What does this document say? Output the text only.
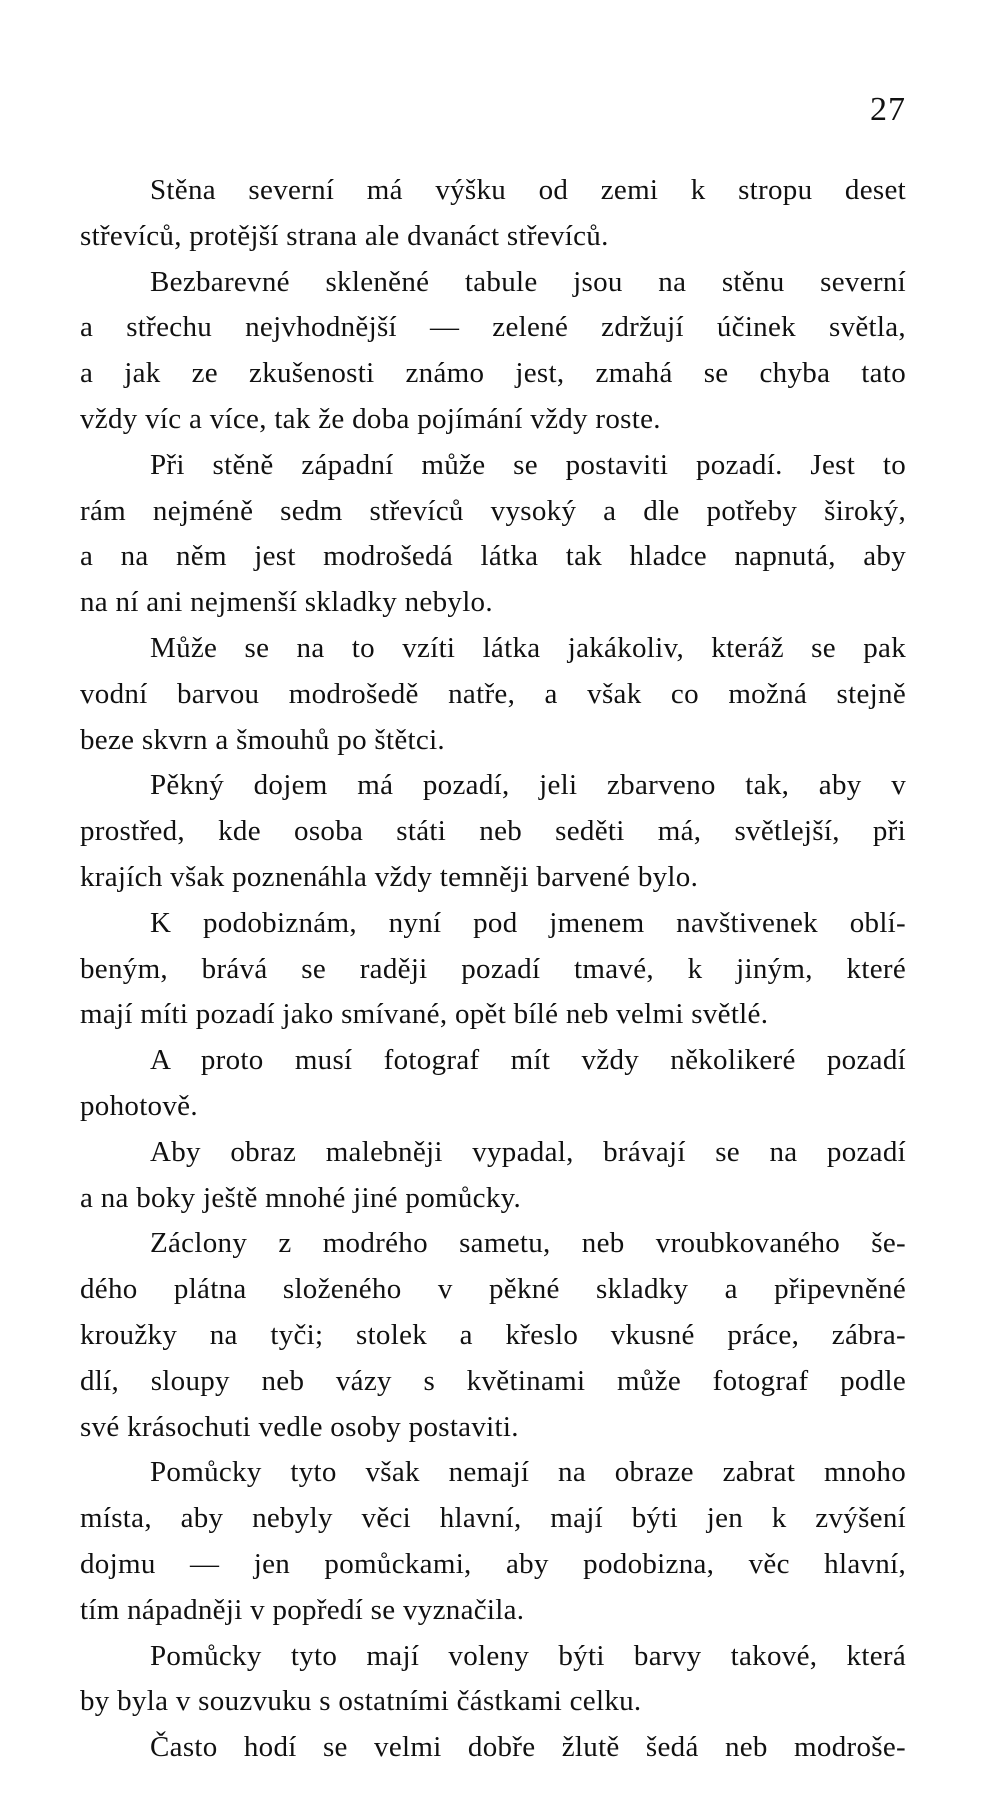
27
Stěna severní má výšku od zemi k stropu deset
střevíců, protější strana ale dvanáct střevíců.
Bezbarevné skleněné tabule jsou na stěnu severní
a střechu nejvhodnější — zelené zdržují účinek světla,
a jak ze zkušenosti známo jest, zmahá se chyba tato
vždy víc a více, tak že doba pojímání vždy roste.
Při stěně západní může se postaviti pozadí. Jest to
rám nejméně sedm střevíců vysoký a dle potřeby široký,
a na něm jest modrošedá látka tak hladce napnutá, aby
na ní ani nejmenší skladky nebylo.
Může se na to vzíti látka jakákoliv, kteráž se pak
vodní barvou modrošedě natře, a však co možná stejně
beze skvrn a šmouhů po štětci.
Pěkný dojem má pozadí, jeli zbarveno tak, aby v
prostřed, kde osoba státi neb seděti má, světlejší, při
krajích však poznenáhla vždy temněji barvené bylo.
K podobiznám, nyní pod jmenem navštivenek oblí-
beným, brává se raději pozadí tmavé, k jiným, které
mají míti pozadí jako smívané, opět bílé neb velmi světlé.
A proto musí fotograf mít vždy několikeré pozadí
pohotově.
Aby obraz malebněji vypadal, brávají se na pozadí
a na boky ještě mnohé jiné pomůcky.
Záclony z modrého sametu, neb vroubkovaného še-
dého plátna složeného v pěkné skladky a připevněné
kroužky na tyči; stolek a křeslo vkusné práce, zábra-
dlí, sloupy neb vázy s květinami může fotograf podle
své krásochuti vedle osoby postaviti.
Pomůcky tyto však nemají na obraze zabrat mnoho
místa, aby nebyly věci hlavní, mají býti jen k zvýšení
dojmu — jen pomůckami, aby podobizna, věc hlavní,
tím nápadněji v popředí se vyznačila.
Pomůcky tyto mají voleny býti barvy takové, která
by byla v souzvuku s ostatními částkami celku.
Často hodí se velmi dobře žlutě šedá neb modroše-
